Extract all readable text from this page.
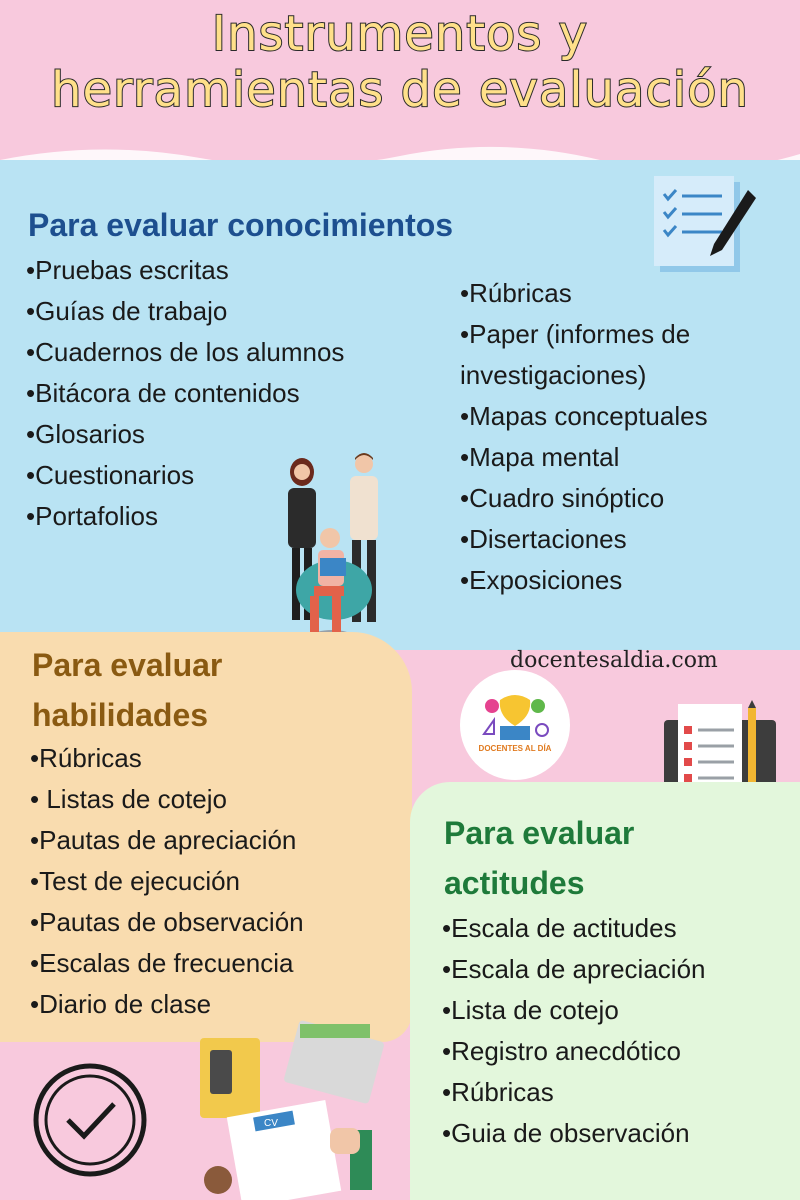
Instrumentos y
herramientas de evaluación
Para evaluar conocimientos
• Pruebas escritas
• Guías de trabajo
• Cuadernos de los alumnos
• Bitácora de contenidos
• Glosarios
• Cuestionarios
• Portafolios
• Rúbricas
• Paper (informes de investigaciones)
• Mapas conceptuales
• Mapa mental
• Cuadro sinóptico
• Disertaciones
• Exposiciones
Para evaluar
habilidades
• Rúbricas
• Listas de cotejo
• Pautas de apreciación
• Test de ejecución
• Pautas de observación
• Escalas de frecuencia
• Diario de clase
docentesaldia.com
DOCENTES AL DÍA
Para evaluar
actitudes
• Escala de actitudes
• Escala de apreciación
• Lista de cotejo
• Registro anecdótico
• Rúbricas
• Guia de observación
CV
